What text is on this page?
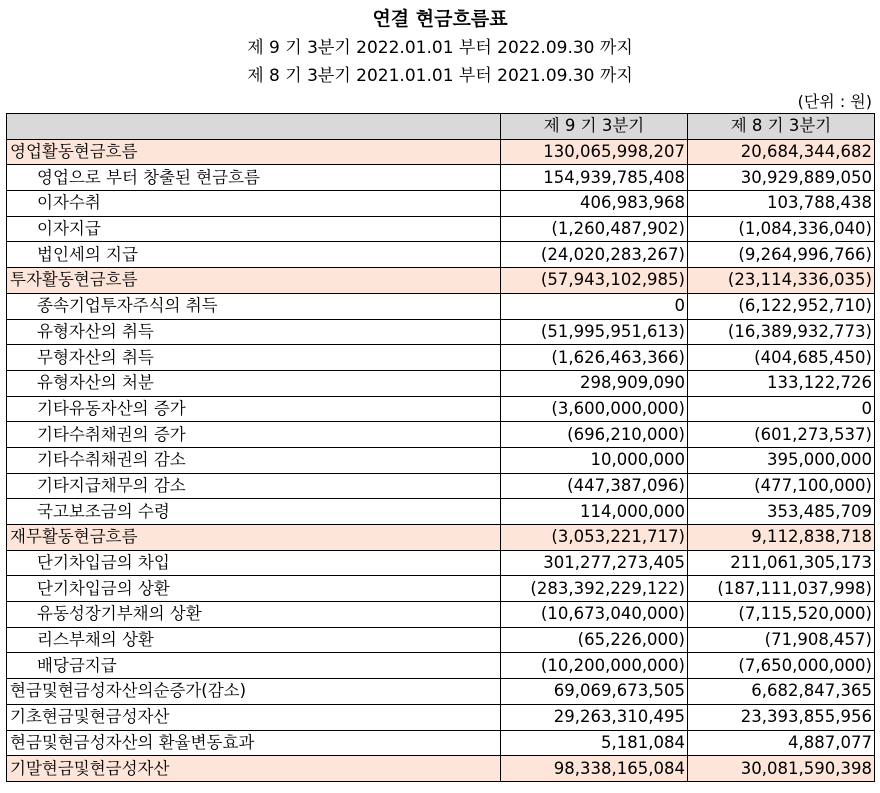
연결 현금흐름표
제 9 기 3분기 2022.01.01 부터 2022.09.30 까지
제 8 기 3분기 2021.01.01 부터 2021.09.30 까지
(단위 : 원)
	제 9 기 3분기	제 8 기 3분기
영업활동현금흐름	130,065,998,207	20,684,344,682
영업으로 부터 창출된 현금흐름	154,939,785,408	30,929,889,050
이자수취	406,983,968	103,788,438
이자지급	(1,260,487,902)	(1,084,336,040)
법인세의 지급	(24,020,283,267)	(9,264,996,766)
투자활동현금흐름	(57,943,102,985)	(23,114,336,035)
종속기업투자주식의 취득	0	(6,122,952,710)
유형자산의 취득	(51,995,951,613)	(16,389,932,773)
무형자산의 취득	(1,626,463,366)	(404,685,450)
유형자산의 처분	298,909,090	133,122,726
기타유동자산의 증가	(3,600,000,000)	0
기타수취채권의 증가	(696,210,000)	(601,273,537)
기타수취채권의 감소	10,000,000	395,000,000
기타지급채무의 감소	(447,387,096)	(477,100,000)
국고보조금의 수령	114,000,000	353,485,709
재무활동현금흐름	(3,053,221,717)	9,112,838,718
단기차입금의 차입	301,277,273,405	211,061,305,173
단기차입금의 상환	(283,392,229,122)	(187,111,037,998)
유동성장기부채의 상환	(10,673,040,000)	(7,115,520,000)
리스부채의 상환	(65,226,000)	(71,908,457)
배당금지급	(10,200,000,000)	(7,650,000,000)
현금및현금성자산의순증가(감소)	69,069,673,505	6,682,847,365
기초현금및현금성자산	29,263,310,495	23,393,855,956
현금및현금성자산의 환율변동효과	5,181,084	4,887,077
기말현금및현금성자산	98,338,165,084	30,081,590,398
